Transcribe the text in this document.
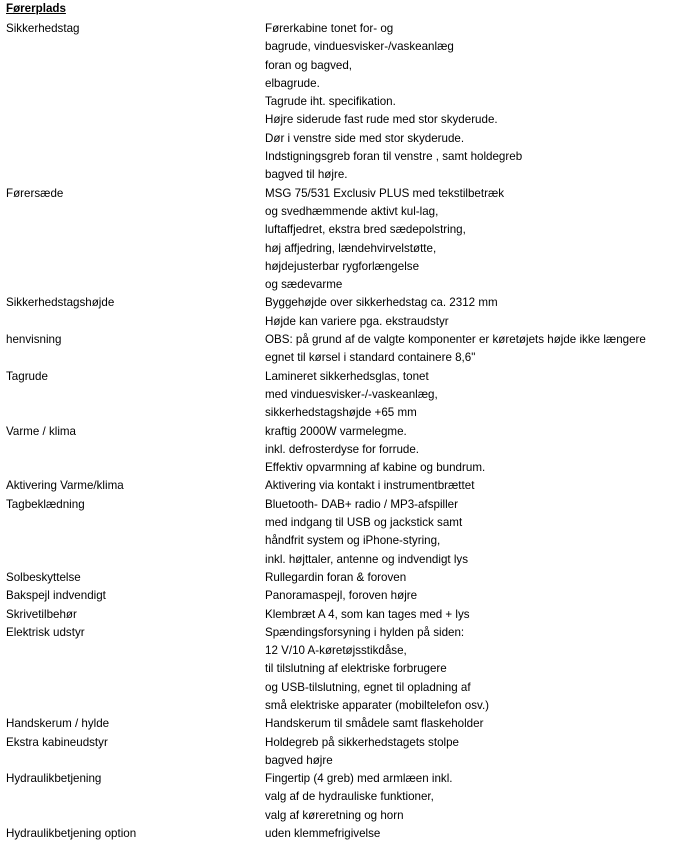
Førerplads
Sikkerhedstag	Førerkabine tonet for- og
bagrude, vinduesvisker-/vaskeanlæg
foran og bagved,
elbagrude.
Tagrude iht. specifikation.
Højre siderude fast rude med stor skyderude.
Dør i venstre side med stor skyderude.
Indstigningsgreb foran til venstre , samt holdegreb
bagved til højre.
Førersæde	MSG 75/531 Exclusiv PLUS med tekstilbetræk
og svedhæmmende aktivt kul-lag,
luftaffjedret, ekstra bred sædepolstring,
høj affjedring, lændehvirvelstøtte,
højdejusterbar rygforlængelse
og sædevarme
Sikkerhedstagshøjde	Byggehøjde over sikkerhedstag ca. 2312 mm
Højde kan variere pga. ekstraudstyr
henvisning	OBS: på grund af de valgte komponenter er køretøjets højde ikke længere
egnet til kørsel i standard containere 8,6"
Tagrude	Lamineret sikkerhedsglas, tonet
med vinduesvisker-/-vaskeanlæg,
sikkerhedstagshøjde +65 mm
Varme / klima	kraftig 2000W varmelegme.
inkl. defrosterdyse for forrude.
Effektiv opvarmning af kabine og bundrum.
Aktivering Varme/klima	Aktivering via kontakt i instrumentbrættet
Tagbeklædning	Bluetooth- DAB+ radio / MP3-afspiller
med indgang til USB og jackstick samt
håndfrit system og iPhone-styring,
inkl. højttaler, antenne og indvendigt lys
Solbeskyttelse	Rullegardin foran & foroven
Bakspejl indvendigt	Panoramaspejl, foroven højre
Skrivetilbehør	Klembræt A 4, som kan tages med + lys
Elektrisk udstyr	Spændingsforsyning i hylden på siden:
12 V/10 A-køretøjsstikdåse,
til tilslutning af elektriske forbrugere
og USB-tilslutning, egnet til opladning af
små elektriske apparater (mobiltelefon osv.)
Handskerum / hylde	Handskerum til smådele samt flaskeholder
Ekstra kabineudstyr	Holdegreb på sikkerhedstagets stolpe
bagved højre
Hydraulikbetjening	Fingertip (4 greb) med armlæen inkl.
valg af de hydrauliske funktioner,
valg af køreretning og horn
Hydraulikbetjening option	uden klemmefrigivelse
